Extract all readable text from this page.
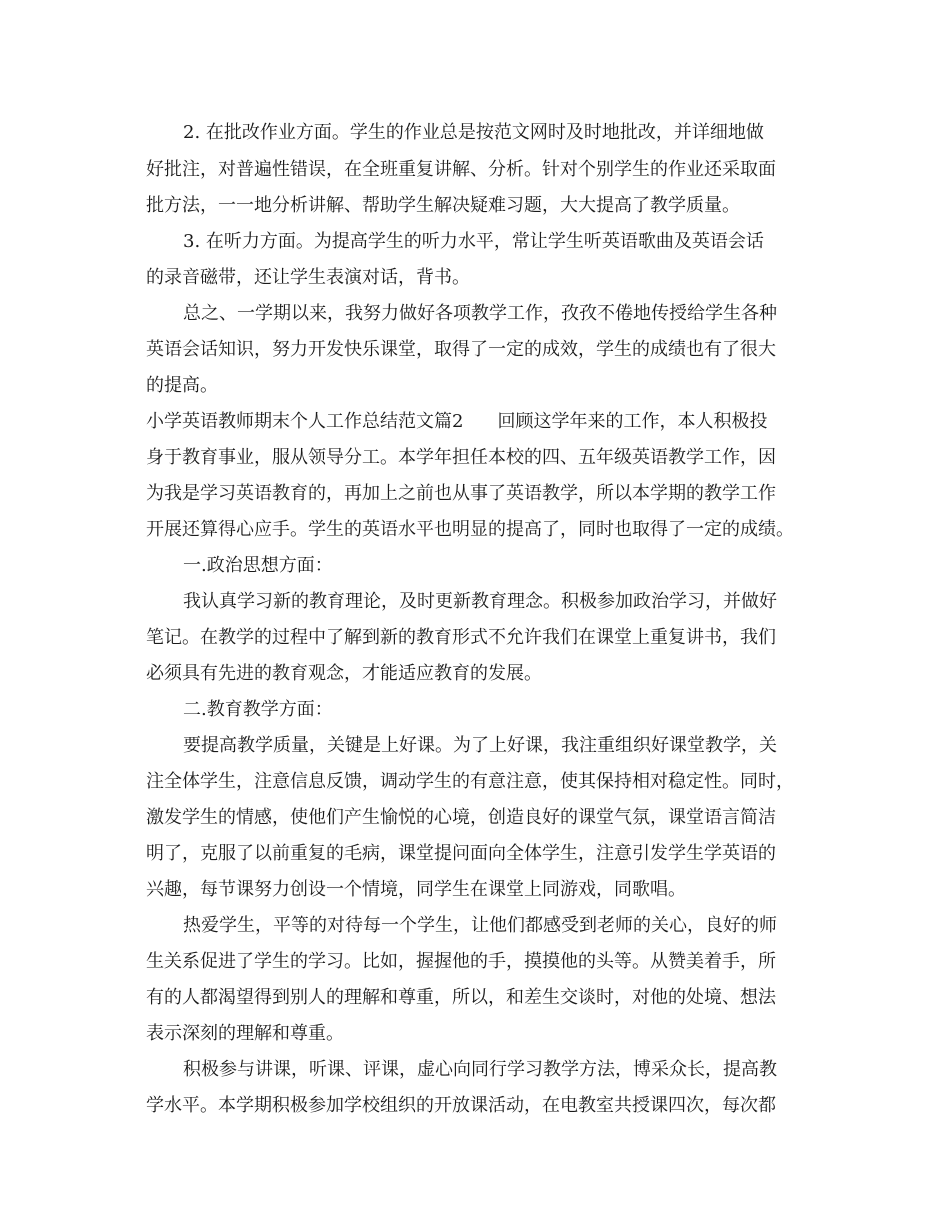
2. 在批改作业方面。学生的作业总是按范文网时及时地批改，并详细地做
好批注，对普遍性错误，在全班重复讲解、分析。针对个别学生的作业还采取面
批方法，一一地分析讲解、帮助学生解决疑难习题，大大提高了教学质量。
3. 在听力方面。为提高学生的听力水平，常让学生听英语歌曲及英语会话
的录音磁带，还让学生表演对话，背书。
总之、一学期以来，我努力做好各项教学工作，孜孜不倦地传授给学生各种
英语会话知识，努力开发快乐课堂，取得了一定的成效，学生的成绩也有了很大
的提高。
小学英语教师期末个人工作总结范文篇2 回顾这学年来的工作，本人积极投
身于教育事业，服从领导分工。本学年担任本校的四、五年级英语教学工作，因
为我是学习英语教育的，再加上之前也从事了英语教学，所以本学期的教学工作
开展还算得心应手。学生的英语水平也明显的提高了，同时也取得了一定的成绩。
一.政治思想方面：
我认真学习新的教育理论，及时更新教育理念。积极参加政治学习，并做好
笔记。在教学的过程中了解到新的教育形式不允许我们在课堂上重复讲书，我们
必须具有先进的教育观念，才能适应教育的发展。
二.教育教学方面：
要提高教学质量，关键是上好课。为了上好课，我注重组织好课堂教学，关
注全体学生，注意信息反馈，调动学生的有意注意，使其保持相对稳定性。同时，
激发学生的情感，使他们产生愉悦的心境，创造良好的课堂气氛，课堂语言简洁
明了，克服了以前重复的毛病，课堂提问面向全体学生，注意引发学生学英语的
兴趣，每节课努力创设一个情境，同学生在课堂上同游戏，同歌唱。
热爱学生，平等的对待每一个学生，让他们都感受到老师的关心，良好的师
生关系促进了学生的学习。比如，握握他的手，摸摸他的头等。从赞美着手，所
有的人都渴望得到别人的理解和尊重，所以，和差生交谈时，对他的处境、想法
表示深刻的理解和尊重。
积极参与讲课，听课、评课，虚心向同行学习教学方法，博采众长，提高教
学水平。本学期积极参加学校组织的开放课活动，在电教室共授课四次，每次都
